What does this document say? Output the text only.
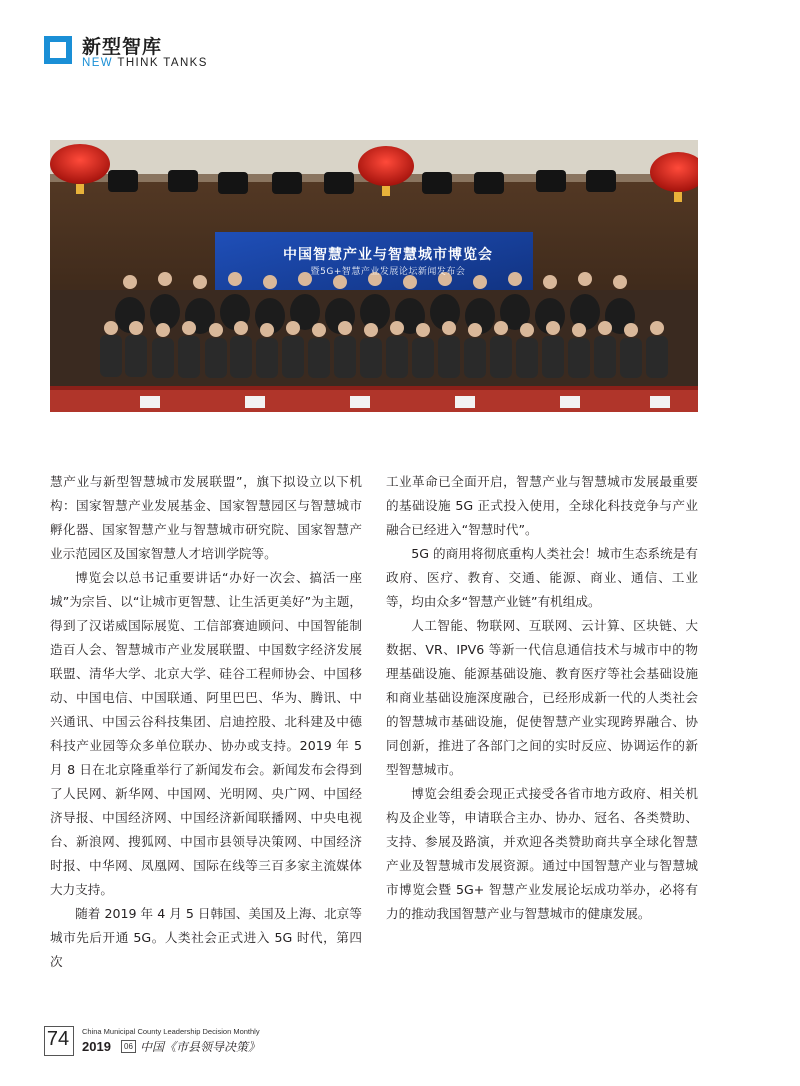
新型智库
NEW THINK TANKS
中国智慧产业与智慧城市博览会
暨5G+智慧产业发展论坛新闻发布会

慧产业与新型智慧城市发展联盟”，旗下拟设立以下机构：国家智慧产业发展基金、国家智慧园区与智慧城市孵化器、国家智慧产业与智慧城市研究院、国家智慧产业示范园区及国家智慧人才培训学院等。

博览会以总书记重要讲话“办好一次会、搞活一座城”为宗旨、以“让城市更智慧、让生活更美好”为主题，得到了汉诺威国际展览、工信部赛迪顾问、中国智能制造百人会、智慧城市产业发展联盟、中国数字经济发展联盟、清华大学、北京大学、硅谷工程师协会、中国移动、中国电信、中国联通、阿里巴巴、华为、腾讯、中兴通讯、中国云谷科技集团、启迪控股、北科建及中德科技产业园等众多单位联办、协办或支持。2019 年 5 月 8 日在北京隆重举行了新闻发布会。新闻发布会得到了人民网、新华网、中国网、光明网、央广网、中国经济导报、中国经济网、中国经济新闻联播网、中央电视台、新浪网、搜狐网、中国市县领导决策网、中国经济时报、中华网、凤凰网、国际在线等三百多家主流媒体大力支持。

随着 2019 年 4 月 5 日韩国、美国及上海、北京等城市先后开通 5G。人类社会正式进入 5G 时代，第四次

工业革命已全面开启，智慧产业与智慧城市发展最重要的基础设施 5G 正式投入使用，全球化科技竞争与产业融合已经进入“智慧时代”。

5G 的商用将彻底重构人类社会！城市生态系统是有政府、医疗、教育、交通、能源、商业、通信、工业等，均由众多“智慧产业链”有机组成。

人工智能、物联网、互联网、云计算、区块链、大数据、VR、IPV6 等新一代信息通信技术与城市中的物理基础设施、能源基础设施、教育医疗等社会基础设施和商业基础设施深度融合，已经形成新一代的人类社会的智慧城市基础设施，促使智慧产业实现跨界融合、协同创新，推进了各部门之间的实时反应、协调运作的新型智慧城市。

博览会组委会现正式接受各省市地方政府、相关机构及企业等，申请联合主办、协办、冠名、各类赞助、支持、参展及路演，并欢迎各类赞助商共享全球化智慧产业及智慧城市发展资源。通过中国智慧产业与智慧城市博览会暨 5G+ 智慧产业发展论坛成功举办，必将有力的推动我国智慧产业与智慧城市的健康发展。

74	China Municipal County Leadership Decision Monthly
2019	06 中国《市县领导决策》
